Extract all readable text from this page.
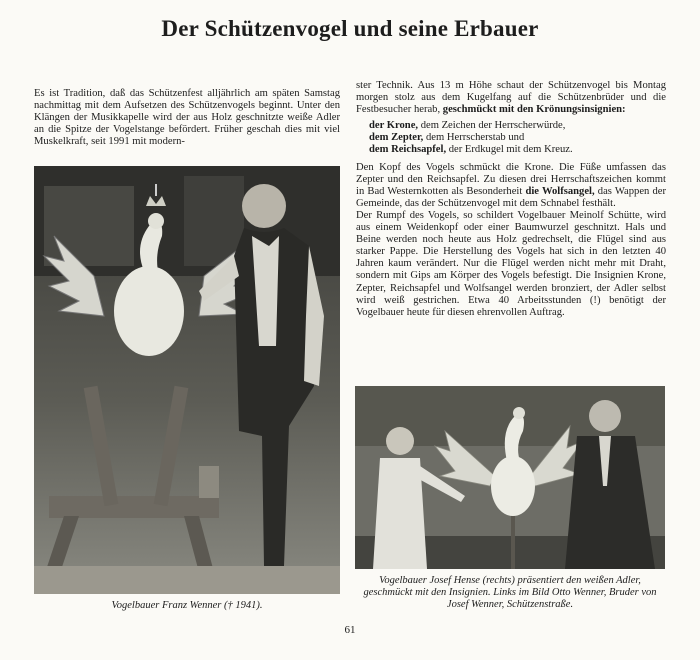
Der Schützenvogel und seine Erbauer

Es ist Tradition, daß das Schützenfest alljährlich am späten Samstag nachmittag mit dem Aufsetzen des Schützenvogels beginnt. Unter den Klängen der Musikkapelle wird der aus Holz geschnitzte weiße Adler an die Spitze der Vogelstange befördert. Früher geschah dies mit viel Muskelkraft, seit 1991 mit modern-

Vogelbauer Franz Wenner († 1941).

ster Technik. Aus 13 m Höhe schaut der Schützenvogel bis Montag morgen stolz aus dem Kugelfang auf die Schützenbrüder und die Festbesucher herab, geschmückt mit den Krönungsinsignien:

der Krone, dem Zeichen der Herrscherwürde,
dem Zepter, dem Herrscherstab und
dem Reichsapfel, der Erdkugel mit dem Kreuz.

Den Kopf des Vogels schmückt die Krone. Die Füße umfassen das Zepter und den Reichsapfel. Zu diesen drei Herrschaftszeichen kommt in Bad Westernkotten als Besonderheit die Wolfsangel, das Wappen der Gemeinde, das der Schützenvogel mit dem Schnabel festhält.

Der Rumpf des Vogels, so schildert Vogelbauer Meinolf Schütte, wird aus einem Weidenkopf oder einer Baumwurzel geschnitzt. Hals und Beine werden noch heute aus Holz gedrechselt, die Flügel sind aus starker Pappe. Die Herstellung des Vogels hat sich in den letzten 40 Jahren kaum verändert. Nur die Flügel werden nicht mehr mit Draht, sondern mit Gips am Körper des Vogels befestigt. Die Insignien Krone, Zepter, Reichsapfel und Wolfsangel werden bronziert, der Adler selbst wird weiß gestrichen. Etwa 40 Arbeitsstunden (!) benötigt der Vogelbauer heute für diesen ehrenvollen Auftrag.

Vogelbauer Josef Hense (rechts) präsentiert den weißen Adler, geschmückt mit den Insignien. Links im Bild Otto Wenner, Bruder von Josef Wenner, Schützenstraße.
61
